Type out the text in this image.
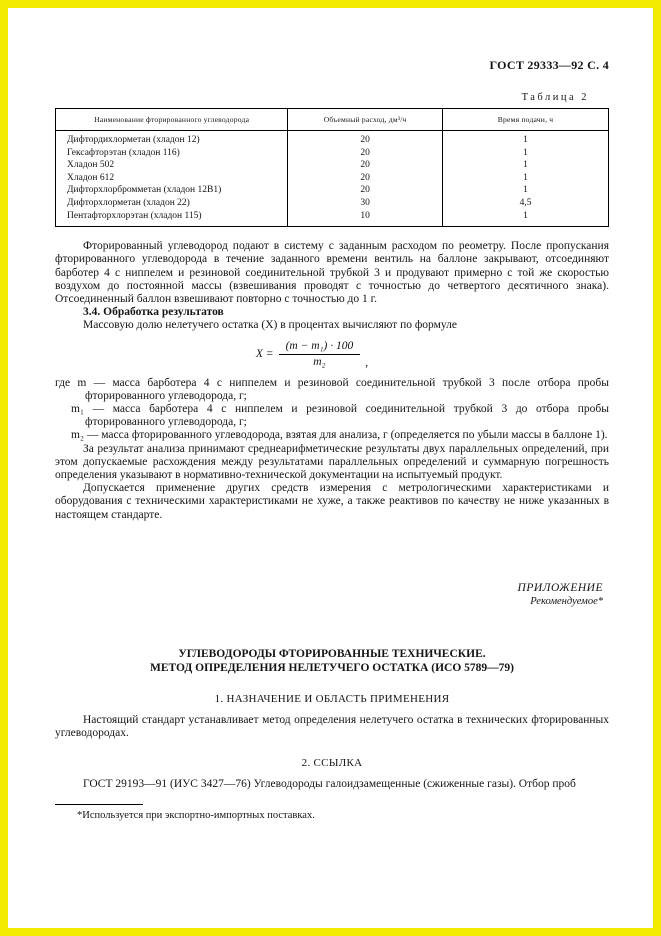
ГОСТ 29333—92 С. 4
Таблица 2
Наименование фторированного углеводорода	Объемный расход, дм³/ч	Время подачи, ч
Дифтордихлорметан (хладон 12)	20	1
Гексафторэтан (хладон 116)	20	1
Хладон 502	20	1
Хладон 612	20	1
Дифторхлорбромметан (хладон 12В1)	20	1
Дифторхлорметан (хладон 22)	30	4,5
Пентафторхлорэтан (хладон 115)	10	1

Фторированный углеводород подают в систему с заданным расходом по реометру. После пропускания фторированного углеводорода в течение заданного времени вентиль на баллоне закрывают, отсоединяют барботер 4 с ниппелем и резиновой соединительной трубкой 3 и продувают примерно с той же скоростью воздухом до постоянной массы (взвешивания проводят с точностью до четвертого десятичного знака). Отсоединенный баллон взвешивают повторно с точностью до 1 г.

3.4. Обработка результатов

Массовую долю нелетучего остатка (X) в процентах вычисляют по формуле

$X = \frac{\text{(m − m₁) · 100}}{\text{m₂}}$ ,

где m — масса барботера 4 с ниппелем и резиновой соединительной трубкой 3 после отбора пробы фторированного углеводорода, г;

m₁ — масса барботера 4 с ниппелем и резиновой соединительной трубкой 3 до отбора пробы фторированного углеводорода, г;

m₂ — масса фторированного углеводорода, взятая для анализа, г (определяется по убыли массы в баллоне 1).

За результат анализа принимают среднеарифметические результаты двух параллельных определений, при этом допускаемые расхождения между результатами параллельных определений и суммарную погрешность определения указывают в нормативно-технической документации на испытуемый продукт.

Допускается применение других средств измерения с метрологическими характеристиками и оборудования с техническими характеристиками не хуже, а также реактивов по качеству не ниже указанных в настоящем стандарте.

ПРИЛОЖЕНИЕ
Рекомендуемое*
УГЛЕВОДОРОДЫ ФТОРИРОВАННЫЕ ТЕХНИЧЕСКИЕ.
МЕТОД ОПРЕДЕЛЕНИЯ НЕЛЕТУЧЕГО ОСТАТКА (ИСО 5789—79)
1. НАЗНАЧЕНИЕ И ОБЛАСТЬ ПРИМЕНЕНИЯ

Настоящий стандарт устанавливает метод определения нелетучего остатка в технических фторированных углеводородах.

2. ССЫЛКА

ГОСТ 29193—91 (ИУС 3427—76) Углеводороды галоидзамещенные (сжиженные газы). Отбор проб

*Используется при экспортно-импортных поставках.
